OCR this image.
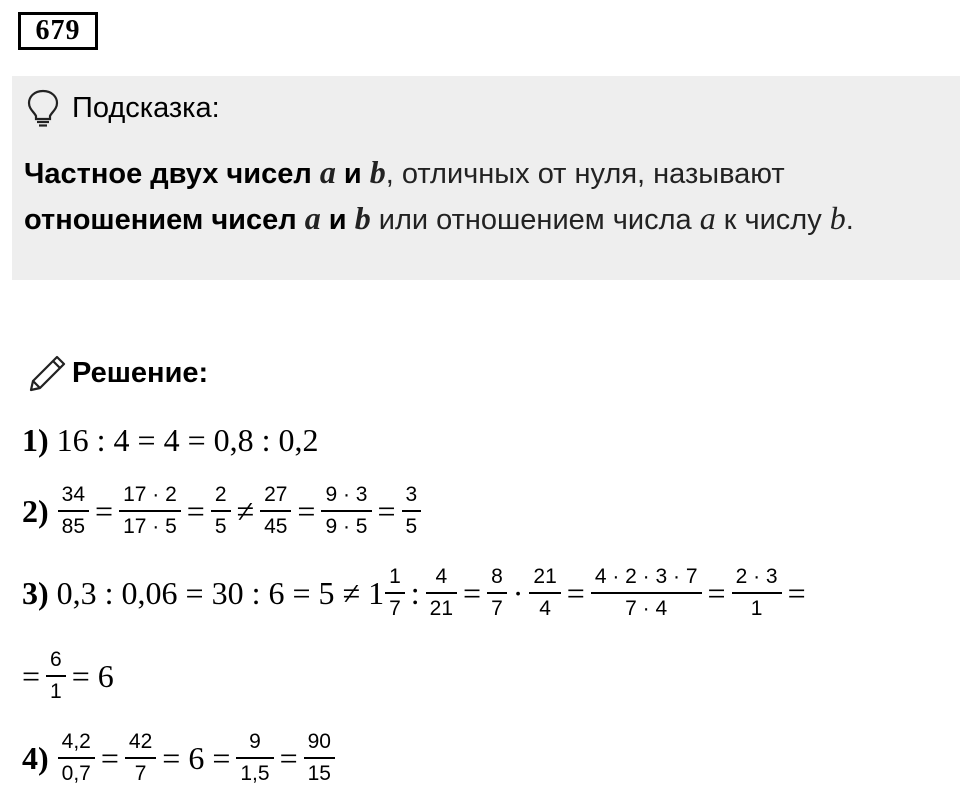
679
Подсказка:
Частное двух чисел a и b, отличных от нуля, называют
отношением чисел a и b или отношением числа a к числу b.
Решение:
1) 16 : 4 = 4 = 0,8 : 0,2
$2) \frac{34}{85} = \frac{17 \cdot 2}{17 \cdot 5} = \frac{2}{5} \ne \frac{27}{45} = \frac{9 \cdot 3}{9 \cdot 5} = \frac{3}{5}$
3) 0,3 : 0,06 = 30 : $6 = 5 \ne 1 \frac{1}{7}$ : $\frac{4}{21} = \frac{8}{7} \cdot \frac{21}{4} = \frac{4 \cdot 2 \cdot 3 \cdot 7}{7 \cdot 4} = \frac{2 \cdot 3}{1}$ =
= $\frac{6}{1} = 6$
$4) \frac{4,2}{0,7} = \frac{42}{7} = 6 = \frac{9}{1,5} = \frac{90}{15}$
